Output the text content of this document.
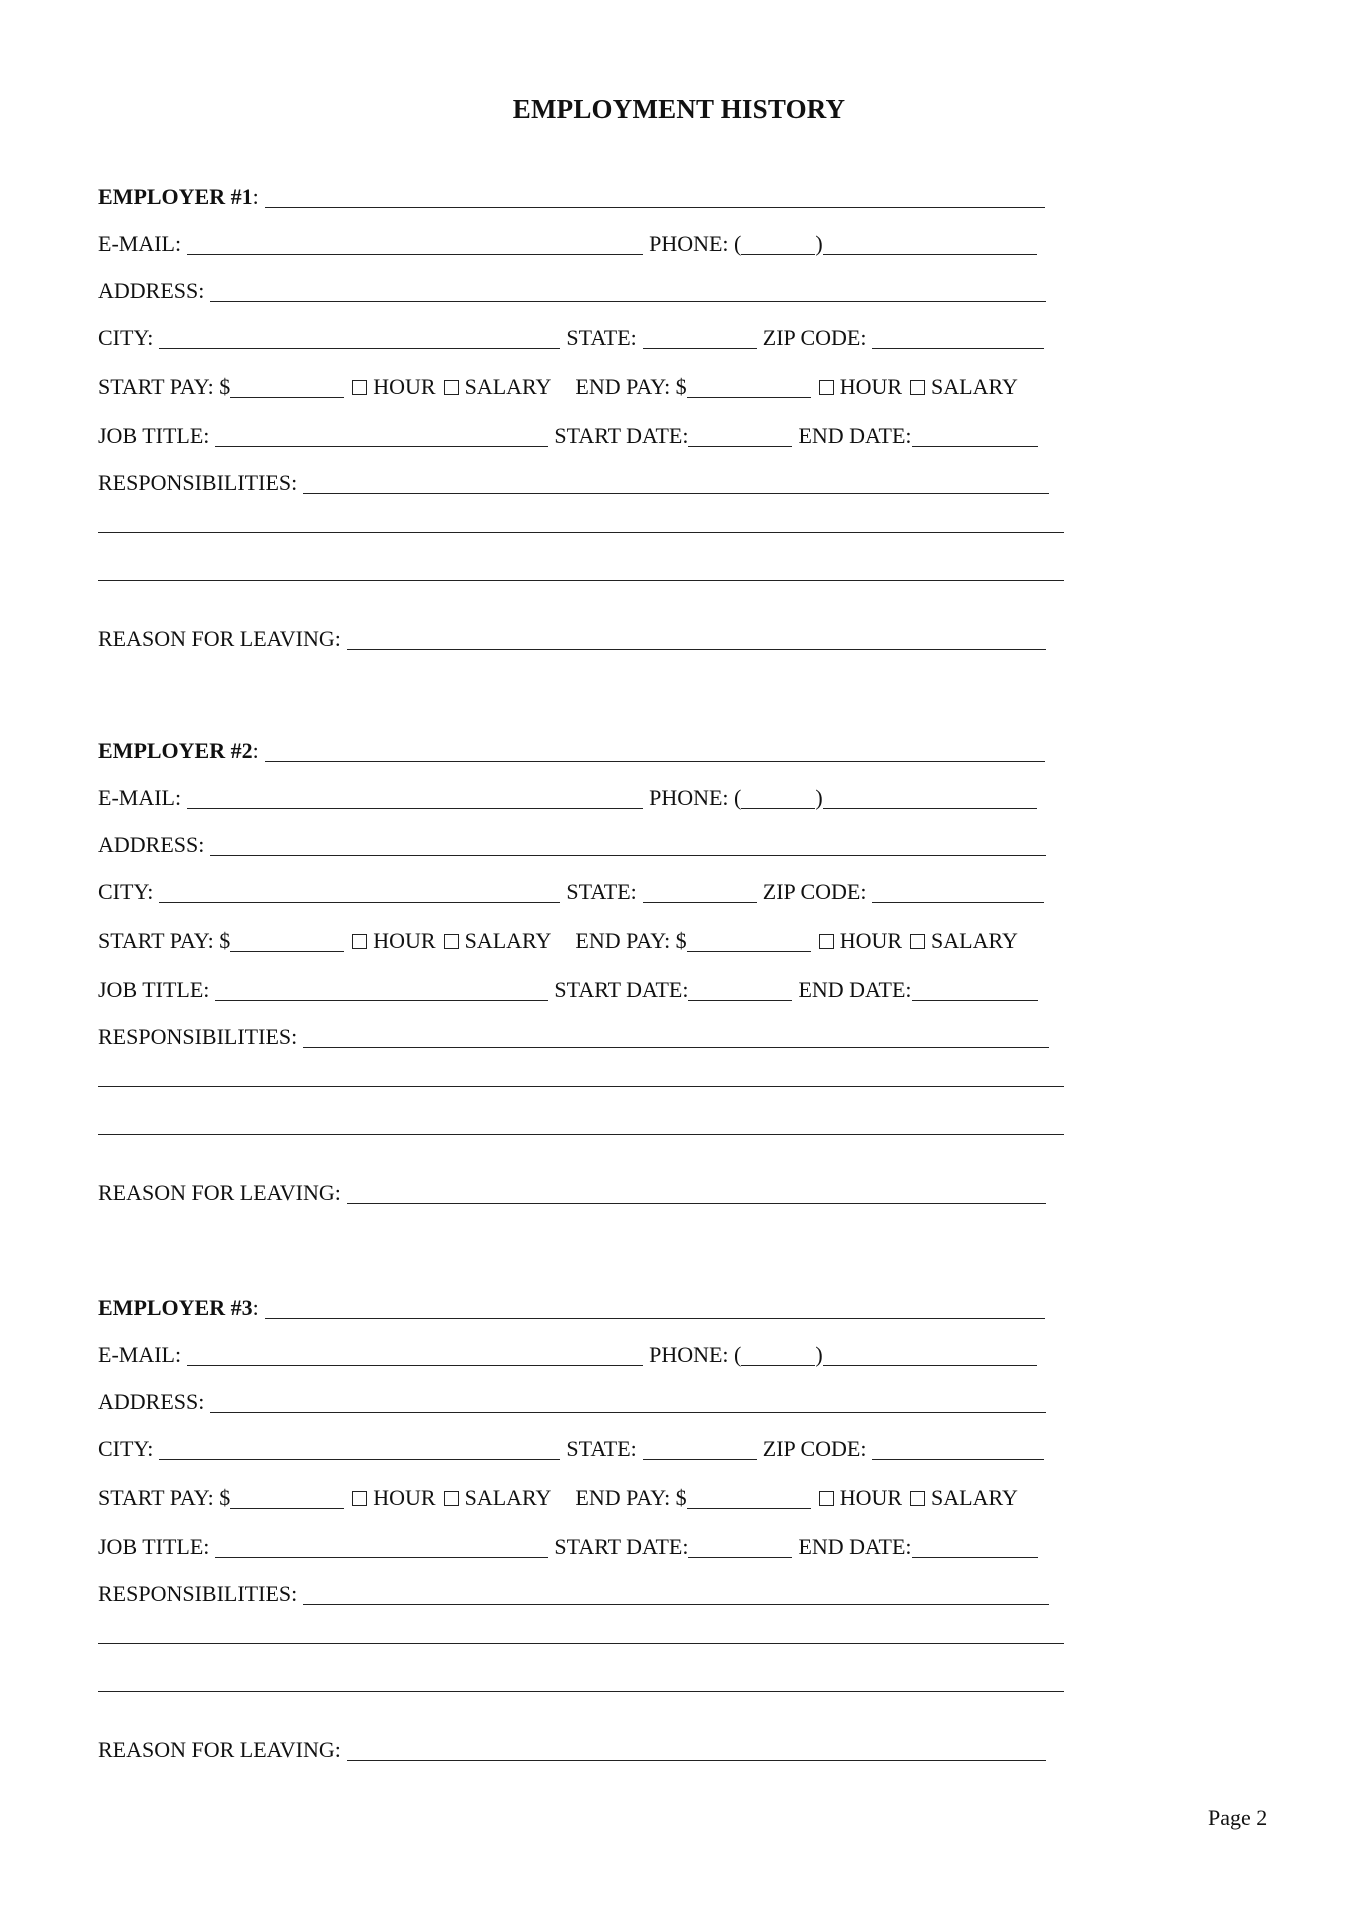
EMPLOYMENT HISTORY
EMPLOYER #1:
E-MAIL:	PHONE: (	)
ADDRESS:
CITY:	STATE:	ZIP CODE:
START PAY: $	HOUR	SALARY END PAY: $	HOUR	SALARY
JOB TITLE:	START DATE:	END DATE:
RESPONSIBILITIES:
REASON FOR LEAVING:
EMPLOYER #2:
E-MAIL:	PHONE: (	)
ADDRESS:
CITY:	STATE:	ZIP CODE:
START PAY: $	HOUR	SALARY END PAY: $	HOUR	SALARY
JOB TITLE:	START DATE:	END DATE:
RESPONSIBILITIES:
REASON FOR LEAVING:
EMPLOYER #3:
E-MAIL:	PHONE: (	)
ADDRESS:
CITY:	STATE:	ZIP CODE:
START PAY: $	HOUR	SALARY END PAY: $	HOUR	SALARY
JOB TITLE:	START DATE:	END DATE:
RESPONSIBILITIES:
REASON FOR LEAVING:
Page 2
